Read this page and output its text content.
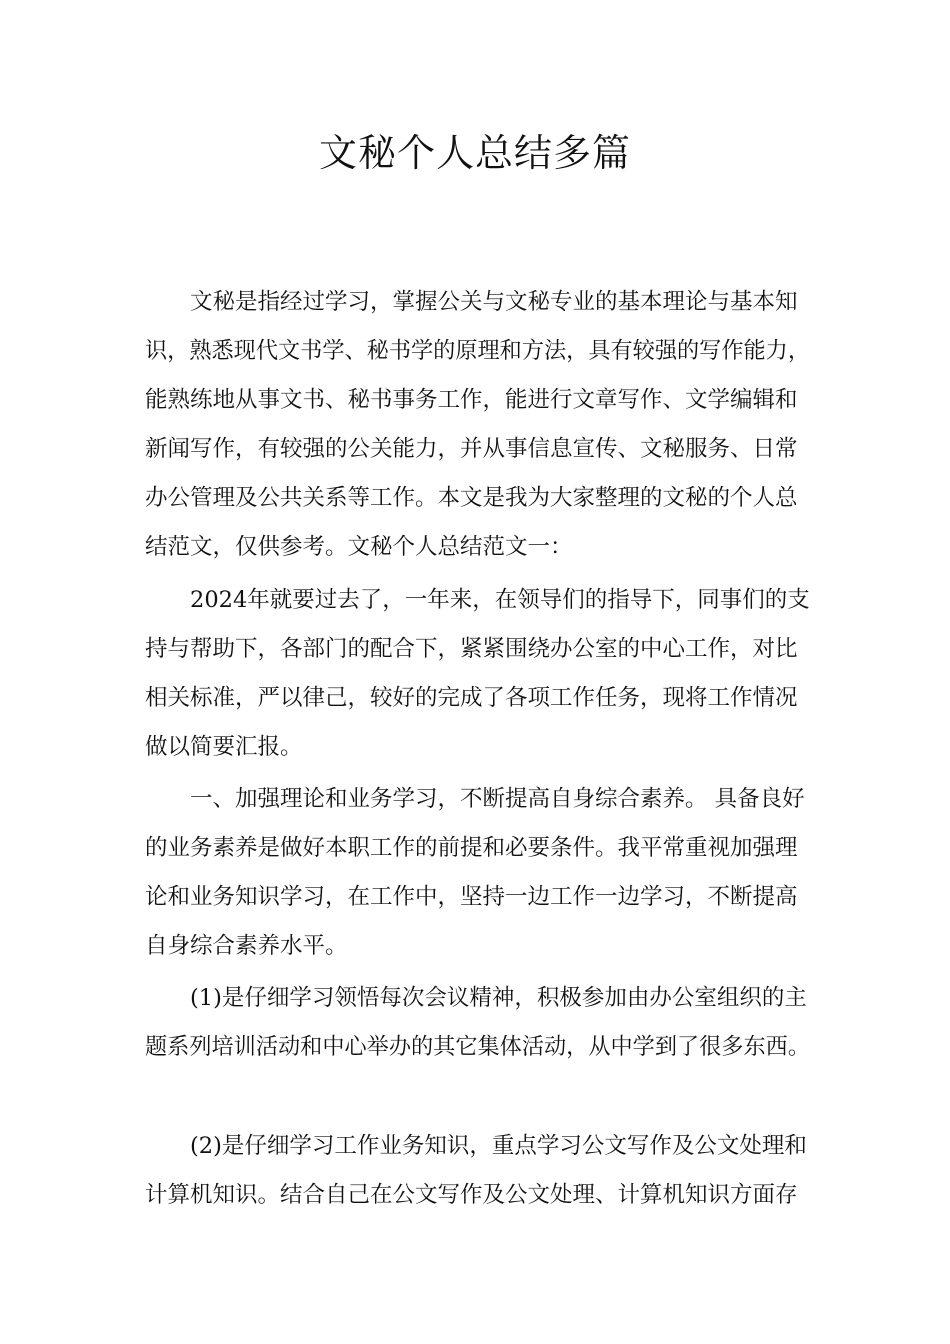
文秘个人总结多篇

文秘是指经过学习，掌握公关与文秘专业的基本理论与基本知

识，熟悉现代文书学、秘书学的原理和方法，具有较强的写作能力，

能熟练地从事文书、秘书事务工作，能进行文章写作、文学编辑和

新闻写作，有较强的公关能力，并从事信息宣传、文秘服务、日常

办公管理及公共关系等工作。本文是我为大家整理的文秘的个人总

结范文，仅供参考。文秘个人总结范文一：

2024年就要过去了，一年来，在领导们的指导下，同事们的支

持与帮助下，各部门的配合下，紧紧围绕办公室的中心工作，对比

相关标准，严以律己，较好的完成了各项工作任务，现将工作情况

做以简要汇报。

一、加强理论和业务学习，不断提高自身综合素养。 具备良好

的业务素养是做好本职工作的前提和必要条件。我平常重视加强理

论和业务知识学习，在工作中，坚持一边工作一边学习，不断提高

自身综合素养水平。

(1)是仔细学习领悟每次会议精神，积极参加由办公室组织的主

题系列培训活动和中心举办的其它集体活动，从中学到了很多东西。

(2)是仔细学习工作业务知识，重点学习公文写作及公文处理和

计算机知识。结合自己在公文写作及公文处理、计算机知识方面存
